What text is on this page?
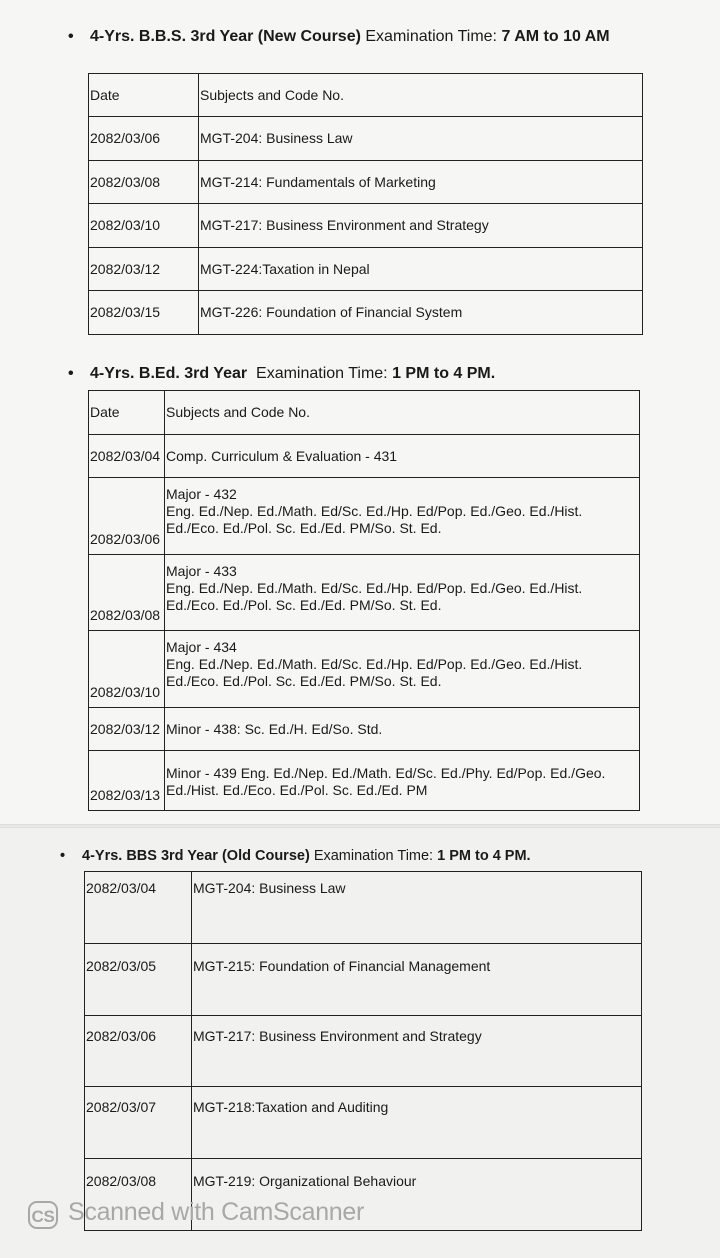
• 4-Yrs. B.B.S. 3rd Year (New Course) Examination Time: 7 AM to 10 AM
Date	Subjects and Code No.
2082/03/06	MGT-204: Business Law
2082/03/08	MGT-214: Fundamentals of Marketing
2082/03/10	MGT-217: Business Environment and Strategy
2082/03/12	MGT-224:Taxation in Nepal
2082/03/15	MGT-226: Foundation of Financial System
• 4-Yrs. B.Ed. 3rd Year Examination Time: 1 PM to 4 PM.
Date	Subjects and Code No.
2082/03/04	Comp. Curriculum & Evaluation - 431
2082/03/06	Major - 432
Eng. Ed./Nep. Ed./Math. Ed/Sc. Ed./Hp. Ed/Pop. Ed./Geo. Ed./Hist.
Ed./Eco. Ed./Pol. Sc. Ed./Ed. PM/So. St. Ed.

2082/03/08	Major - 433
Eng. Ed./Nep. Ed./Math. Ed/Sc. Ed./Hp. Ed/Pop. Ed./Geo. Ed./Hist.
Ed./Eco. Ed./Pol. Sc. Ed./Ed. PM/So. St. Ed.

2082/03/10	Major - 434
Eng. Ed./Nep. Ed./Math. Ed/Sc. Ed./Hp. Ed/Pop. Ed./Geo. Ed./Hist.
Ed./Eco. Ed./Pol. Sc. Ed./Ed. PM/So. St. Ed.

2082/03/12	Minor - 438: Sc. Ed./H. Ed/So. Std.
2082/03/13	Minor - 439 Eng. Ed./Nep. Ed./Math. Ed/Sc. Ed./Phy. Ed/Pop. Ed./Geo.
Ed./Hist. Ed./Eco. Ed./Pol. Sc. Ed./Ed. PM
• 4-Yrs. BBS 3rd Year (Old Course) Examination Time: 1 PM to 4 PM.
2082/03/04	MGT-204: Business Law
2082/03/05	MGT-215: Foundation of Financial Management
2082/03/06	MGT-217: Business Environment and Strategy
2082/03/07	MGT-218:Taxation and Auditing
2082/03/08	MGT-219: Organizational Behaviour
CS Scanned with CamScanner
